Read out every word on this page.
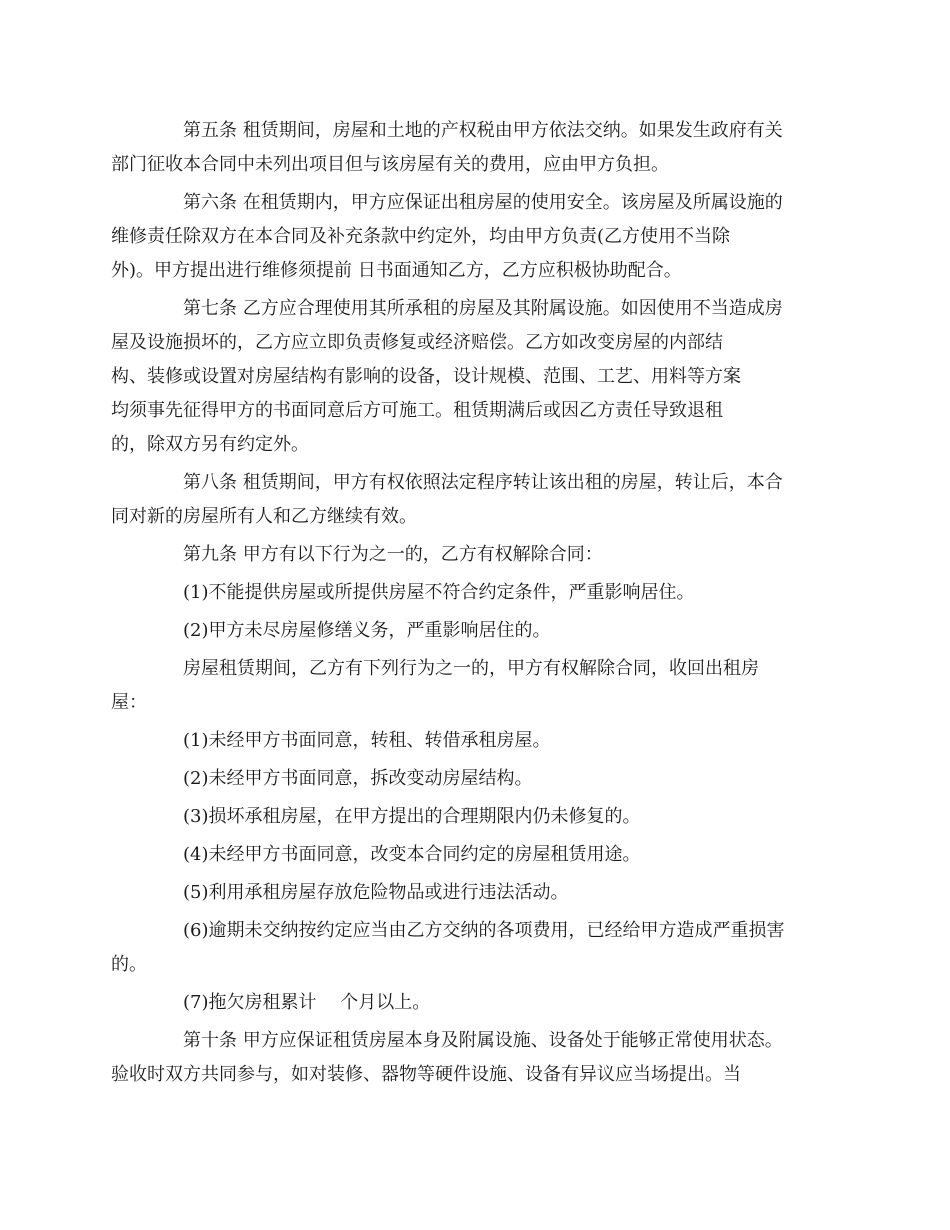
第五条 租赁期间，房屋和土地的产权税由甲方依法交纳。如果发生政府有关
部门征收本合同中未列出项目但与该房屋有关的费用，应由甲方负担。

第六条 在租赁期内，甲方应保证出租房屋的使用安全。该房屋及所属设施的
维修责任除双方在本合同及补充条款中约定外，均由甲方负责(乙方使用不当除
外)。甲方提出进行维修须提前 日书面通知乙方，乙方应积极协助配合。

第七条 乙方应合理使用其所承租的房屋及其附属设施。如因使用不当造成房
屋及设施损坏的，乙方应立即负责修复或经济赔偿。乙方如改变房屋的内部结
构、装修或设置对房屋结构有影响的设备，设计规模、范围、工艺、用料等方案
均须事先征得甲方的书面同意后方可施工。租赁期满后或因乙方责任导致退租
的，除双方另有约定外。

第八条 租赁期间，甲方有权依照法定程序转让该出租的房屋，转让后，本合
同对新的房屋所有人和乙方继续有效。

第九条 甲方有以下行为之一的，乙方有权解除合同：

(1)不能提供房屋或所提供房屋不符合约定条件，严重影响居住。

(2)甲方未尽房屋修缮义务，严重影响居住的。

房屋租赁期间，乙方有下列行为之一的，甲方有权解除合同，收回出租房
屋：

(1)未经甲方书面同意，转租、转借承租房屋。

(2)未经甲方书面同意，拆改变动房屋结构。

(3)损坏承租房屋，在甲方提出的合理期限内仍未修复的。

(4)未经甲方书面同意，改变本合同约定的房屋租赁用途。

(5)利用承租房屋存放危险物品或进行违法活动。

(6)逾期未交纳按约定应当由乙方交纳的各项费用，已经给甲方造成严重损害
的。

(7)拖欠房租累计　 个月以上。

第十条 甲方应保证租赁房屋本身及附属设施、设备处于能够正常使用状态。
验收时双方共同参与，如对装修、器物等硬件设施、设备有异议应当场提出。当
